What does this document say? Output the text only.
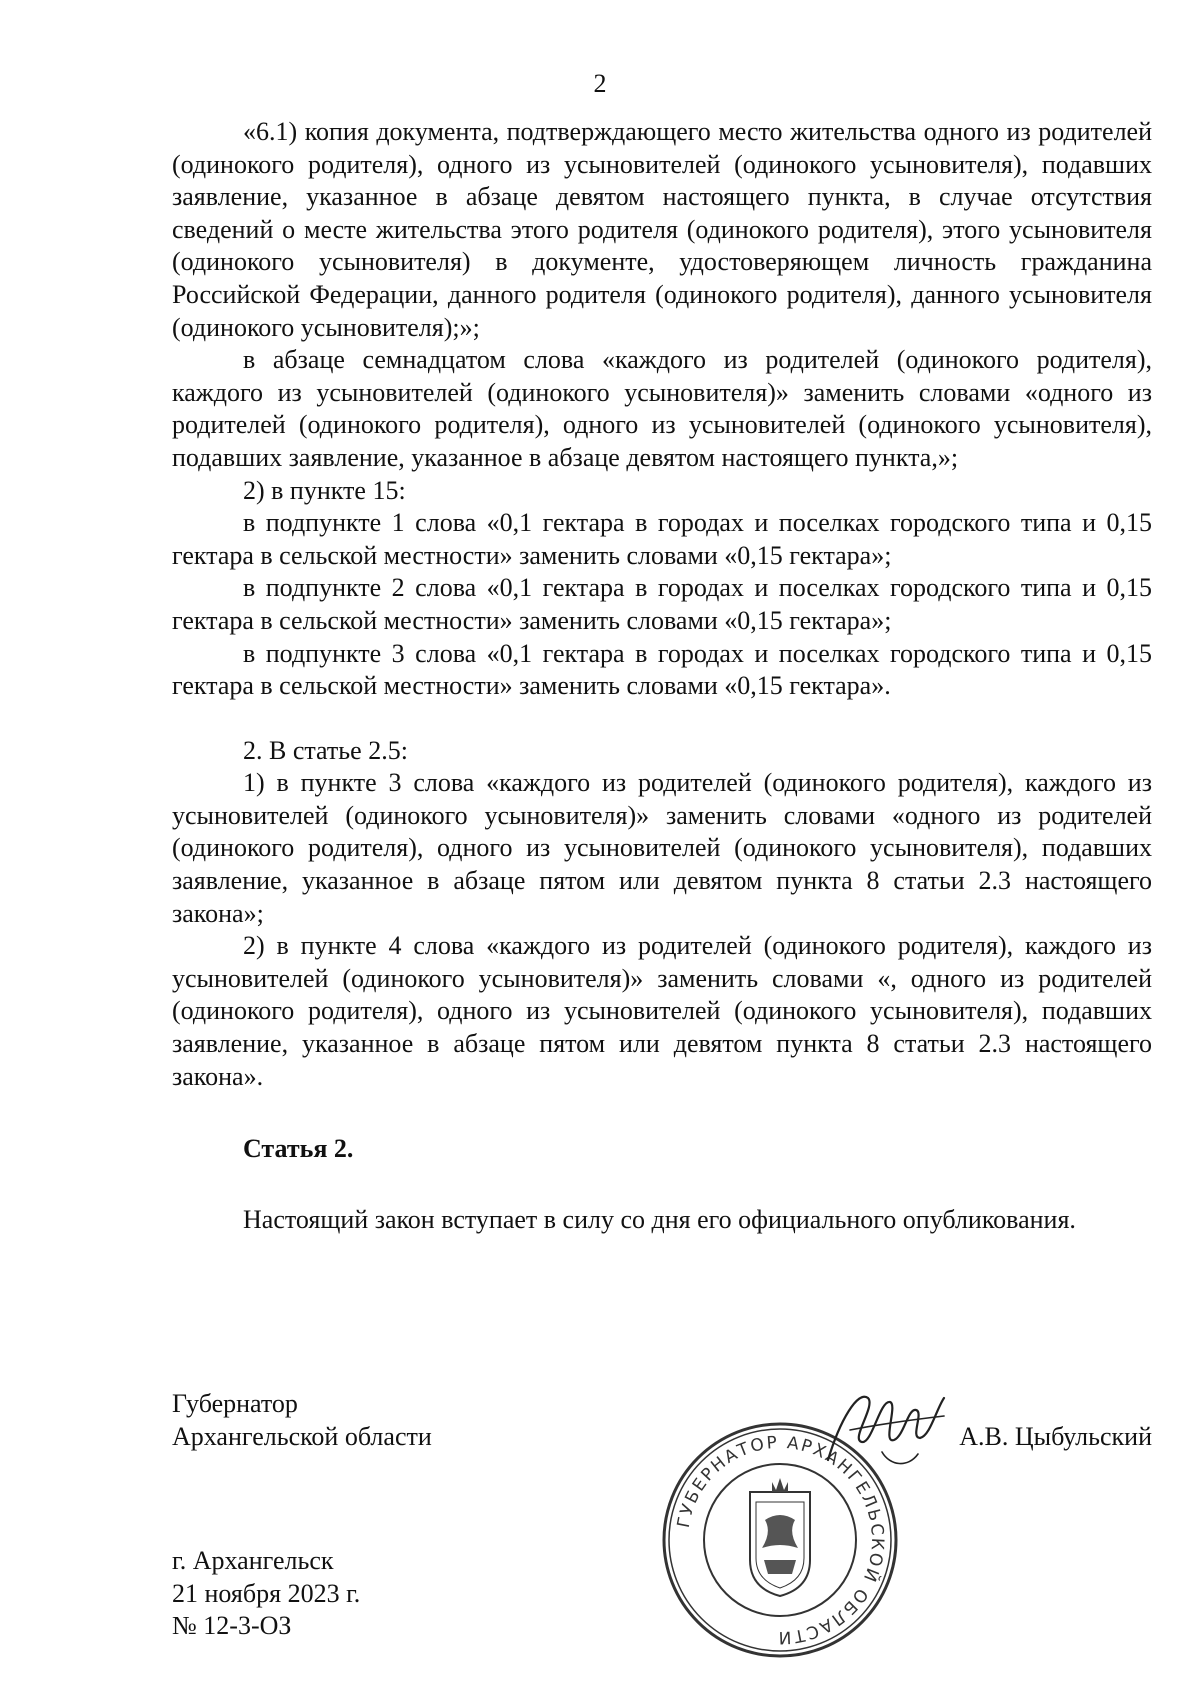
2

«6.1) копия документа, подтверждающего место жительства одного из родителей (одинокого родителя), одного из усыновителей (одинокого усыновителя), подавших заявление, указанное в абзаце девятом настоящего пункта, в случае отсутствия сведений о месте жительства этого родителя (одинокого родителя), этого усыновителя (одинокого усыновителя) в документе, удостоверяющем личность гражданина Российской Федерации, данного родителя (одинокого родителя), данного усыновителя (одинокого усыновителя);»;

в абзаце семнадцатом слова «каждого из родителей (одинокого родителя), каждого из усыновителей (одинокого усыновителя)» заменить словами «одного из родителей (одинокого родителя), одного из усыновителей (одинокого усыновителя), подавших заявление, указанное в абзаце девятом настоящего пункта,»;

2) в пункте 15:

в подпункте 1 слова «0,1 гектара в городах и поселках городского типа и 0,15 гектара в сельской местности» заменить словами «0,15 гектара»;

в подпункте 2 слова «0,1 гектара в городах и поселках городского типа и 0,15 гектара в сельской местности» заменить словами «0,15 гектара»;

в подпункте 3 слова «0,1 гектара в городах и поселках городского типа и 0,15 гектара в сельской местности» заменить словами «0,15 гектара».

2. В статье 2.5:

1) в пункте 3 слова «каждого из родителей (одинокого родителя), каждого из усыновителей (одинокого усыновителя)» заменить словами «одного из родителей (одинокого родителя), одного из усыновителей (одинокого усыновителя), подавших заявление, указанное в абзаце пятом или девятом пункта 8 статьи 2.3 настоящего закона»;

2) в пункте 4 слова «каждого из родителей (одинокого родителя), каждого из усыновителей (одинокого усыновителя)» заменить словами «, одного из родителей (одинокого родителя), одного из усыновителей (одинокого усыновителя), подавших заявление, указанное в абзаце пятом или девятом пункта 8 статьи 2.3 настоящего закона».

Статья 2.

Настоящий закон вступает в силу со дня его официального опубликования.

Губернатор
Архангельской области
ГУБЕРНАТОР АРХАНГЕЛЬСКОЙ ОБЛАСТИ
А.В. Цыбульский
г. Архангельск
21 ноября 2023 г.
№ 12-3-ОЗ
